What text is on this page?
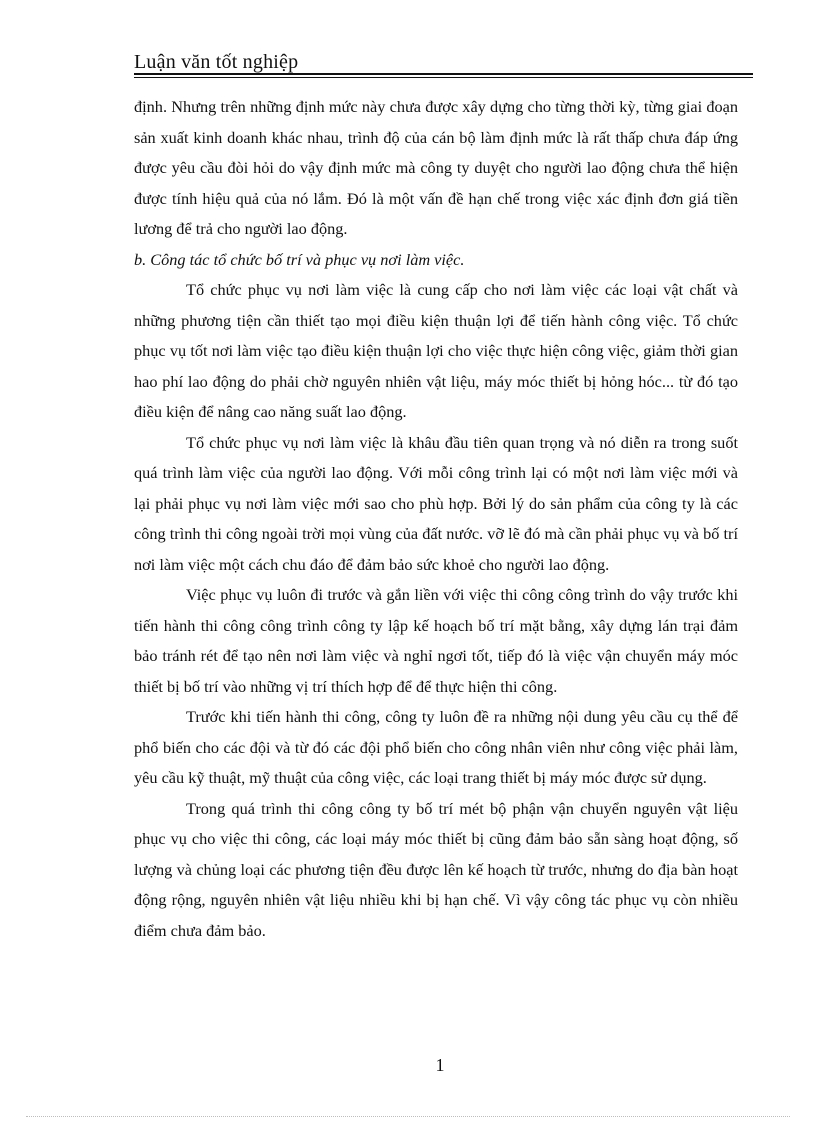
Luận văn tốt nghiệp

định. Nhưng trên những định mức này chưa được xây dựng cho từng thời kỳ, từng giai đoạn sản xuất kinh doanh khác nhau, trình độ của cán bộ làm định mức là rất thấp chưa đáp ứng được yêu cầu đòi hỏi do vậy định mức mà công ty duyệt cho người lao động chưa thể hiện được tính hiệu quả của nó lắm. Đó là một vấn đề hạn chế trong việc xác định đơn giá tiền lương để trả cho người lao động.

b. Công tác tổ chức bố trí và phục vụ nơi làm việc.

Tổ chức phục vụ nơi làm việc là cung cấp cho nơi làm việc các loại vật chất và những phương tiện cần thiết tạo mọi điều kiện thuận lợi để tiến hành công việc. Tổ chức phục vụ tốt nơi làm việc tạo điều kiện thuận lợi cho việc thực hiện công việc, giảm thời gian hao phí lao động do phải chờ nguyên nhiên vật liệu, máy móc thiết bị hỏng hóc... từ đó tạo điều kiện để nâng cao năng suất lao động.

Tổ chức phục vụ nơi làm việc là khâu đầu tiên quan trọng và nó diễn ra trong suốt quá trình làm việc của người lao động. Với mỗi công trình lại có một nơi làm việc mới và lại phải phục vụ nơi làm việc mới sao cho phù hợp. Bởi lý do sản phẩm của công ty là các công trình thi công ngoài trời mọi vùng của đất nước. vỡ lẽ đó mà cần phải phục vụ và bố trí nơi làm việc một cách chu đáo để đảm bảo sức khoẻ cho người lao động.

Việc phục vụ luôn đi trước và gắn liền với việc thi công công trình do vậy trước khi tiến hành thi công công trình công ty lập kế hoạch bố trí mặt bằng, xây dựng lán trại đảm bảo tránh rét để tạo nên nơi làm việc và nghỉ ngơi tốt, tiếp đó là việc vận chuyển máy móc thiết bị bố trí vào những vị trí thích hợp để để thực hiện thi công.

Trước khi tiến hành thi công, công ty luôn đề ra những nội dung yêu cầu cụ thể để phổ biến cho các đội và từ đó các đội phổ biến cho công nhân viên như công việc phải làm, yêu cầu kỹ thuật, mỹ thuật của công việc, các loại trang thiết bị máy móc được sử dụng.

Trong quá trình thi công công ty bố trí mét bộ phận vận chuyển nguyên vật liệu phục vụ cho việc thi công, các loại máy móc thiết bị cũng đảm bảo sẵn sàng hoạt động, số lượng và chủng loại các phương tiện đều được lên kế hoạch từ trước, nhưng do địa bàn hoạt động rộng, nguyên nhiên vật liệu nhiều khi bị hạn chế. Vì vậy công tác phục vụ còn nhiều điểm chưa đảm bảo.

1
